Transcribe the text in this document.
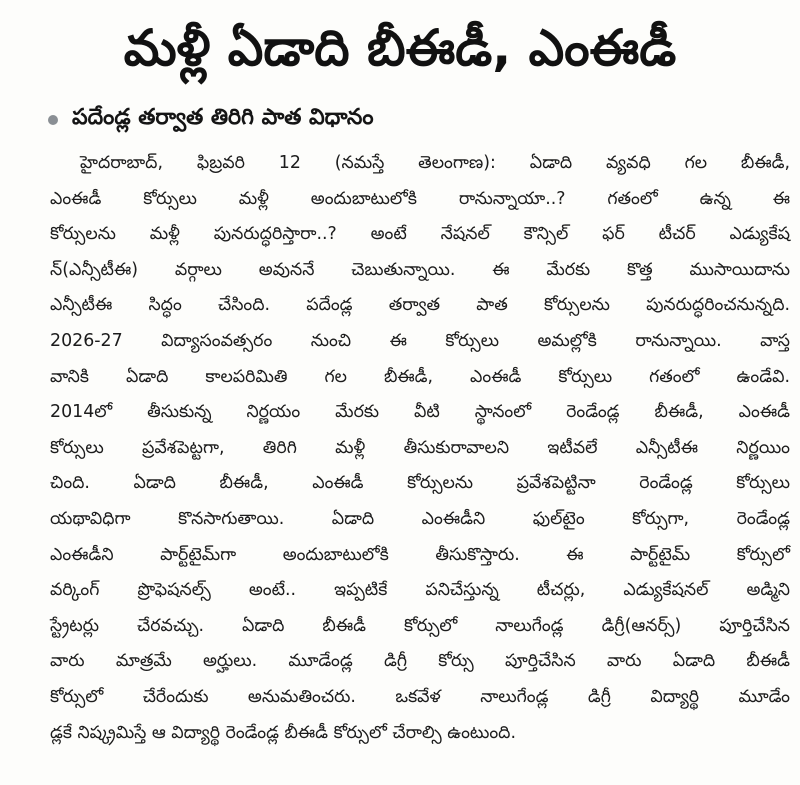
మళ్లీ ఏడాది బీఈడీ, ఎంఈడీ
పదేండ్ల తర్వాత తిరిగి పాత విధానం
హైదరాబాద్, ఫిబ్రవరి 12 (నమస్తే తెలంగాణ): ఏడాది వ్యవధి గల బీఈడీ,
ఎంఈడీ కోర్సులు మళ్లీ అందుబాటులోకి రానున్నాయా..? గతంలో ఉన్న ఈ
కోర్సులను మళ్లీ పునరుద్ధరిస్తారా..? అంటే నేషనల్ కౌన్సిల్ ఫర్ టీచర్ ఎడ్యుకేష
న్(ఎన్సీటీఈ) వర్గాలు అవుననే చెబుతున్నాయి. ఈ మేరకు కొత్త ముసాయిదాను
ఎన్సీటీఈ సిద్ధం చేసింది. పదేండ్ల తర్వాత పాత కోర్సులను పునరుద్ధరించనున్నది.
2026-27 విద్యాసంవత్సరం నుంచి ఈ కోర్సులు అమల్లోకి రానున్నాయి. వాస్త
వానికి ఏడాది కాలపరిమితి గల బీఈడీ, ఎంఈడీ కోర్సులు గతంలో ఉండేవి.
2014లో తీసుకున్న నిర్ణయం మేరకు వీటి స్థానంలో రెండేండ్ల బీఈడీ, ఎంఈడీ
కోర్సులు ప్రవేశపెట్టగా, తిరిగి మళ్లీ తీసుకురావాలని ఇటీవలే ఎన్సీటీఈ నిర్ణయిం
చింది. ఏడాది బీఈడీ, ఎంఈడీ కోర్సులను ప్రవేశపెట్టినా రెండేండ్ల కోర్సులు
యథావిధిగా కొనసాగుతాయి. ఏడాది ఎంఈడీని ఫుల్‌టైం కోర్సుగా, రెండేండ్ల
ఎంఈడీని పార్ట్‌టైమ్‌గా అందుబాటులోకి తీసుకొస్తారు. ఈ పార్ట్‌టైమ్ కోర్సులో
వర్కింగ్ ప్రొఫెషనల్స్ అంటే.. ఇప్పటికే పనిచేస్తున్న టీచర్లు, ఎడ్యుకేషనల్ అడ్మిని
స్ట్రేటర్లు చేరవచ్చు. ఏడాది బీఈడీ కోర్సులో నాలుగేండ్ల డిగ్రీ(ఆనర్స్) పూర్తిచేసిన
వారు మాత్రమే అర్హులు. మూడేండ్ల డిగ్రీ కోర్సు పూర్తిచేసిన వారు ఏడాది బీఈడీ
కోర్సులో చేరేందుకు అనుమతించరు. ఒకవేళ నాలుగేండ్ల డిగ్రీ విద్యార్థి మూడేం
డ్లకే నిష్క్రమిస్తే ఆ విద్యార్థి రెండేండ్ల బీఈడీ కోర్సులో చేరాల్సి ఉంటుంది.
